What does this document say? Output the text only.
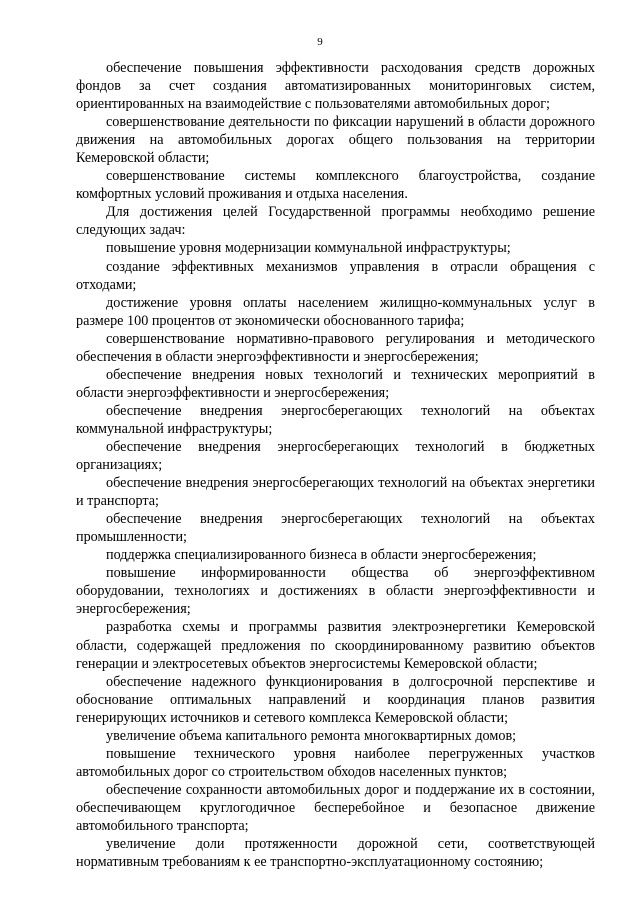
9

обеспечение повышения эффективности расходования средств дорожных фондов за счет создания автоматизированных мониторинговых систем, ориентированных на взаимодействие с пользователями автомобильных дорог;

совершенствование деятельности по фиксации нарушений в области дорожного движения на автомобильных дорогах общего пользования на территории Кемеровской области;

совершенствование системы комплексного благоустройства, создание комфортных условий проживания и отдыха населения.

Для достижения целей Государственной программы необходимо решение следующих задач:

повышение уровня модернизации коммунальной инфраструктуры;

создание эффективных механизмов управления в отрасли обращения с отходами;

достижение уровня оплаты населением жилищно-коммунальных услуг в размере 100 процентов от экономически обоснованного тарифа;

совершенствование нормативно-правового регулирования и методического обеспечения в области энергоэффективности и энергосбережения;

обеспечение внедрения новых технологий и технических мероприятий в области энергоэффективности и энергосбережения;

обеспечение внедрения энергосберегающих технологий на объектах коммунальной инфраструктуры;

обеспечение внедрения энергосберегающих технологий в бюджетных организациях;

обеспечение внедрения энергосберегающих технологий на объектах энергетики и транспорта;

обеспечение внедрения энергосберегающих технологий на объектах промышленности;

поддержка специализированного бизнеса в области энергосбережения;

повышение информированности общества об энергоэффективном оборудовании, технологиях и достижениях в области энергоэффективности и энергосбережения;

разработка схемы и программы развития электроэнергетики Кемеровской области, содержащей предложения по скоординированному развитию объектов генерации и электросетевых объектов энергосистемы Кемеровской области;

обеспечение надежного функционирования в долгосрочной перспективе и обоснование оптимальных направлений и координация планов развития генерирующих источников и сетевого комплекса Кемеровской области;

увеличение объема капитального ремонта многоквартирных домов;

повышение технического уровня наиболее перегруженных участков автомобильных дорог со строительством обходов населенных пунктов;

обеспечение сохранности автомобильных дорог и поддержание их в состоянии, обеспечивающем круглогодичное бесперебойное и безопасное движение автомобильного транспорта;

увеличение доли протяженности дорожной сети, соответствующей нормативным требованиям к ее транспортно-эксплуатационному состоянию;
